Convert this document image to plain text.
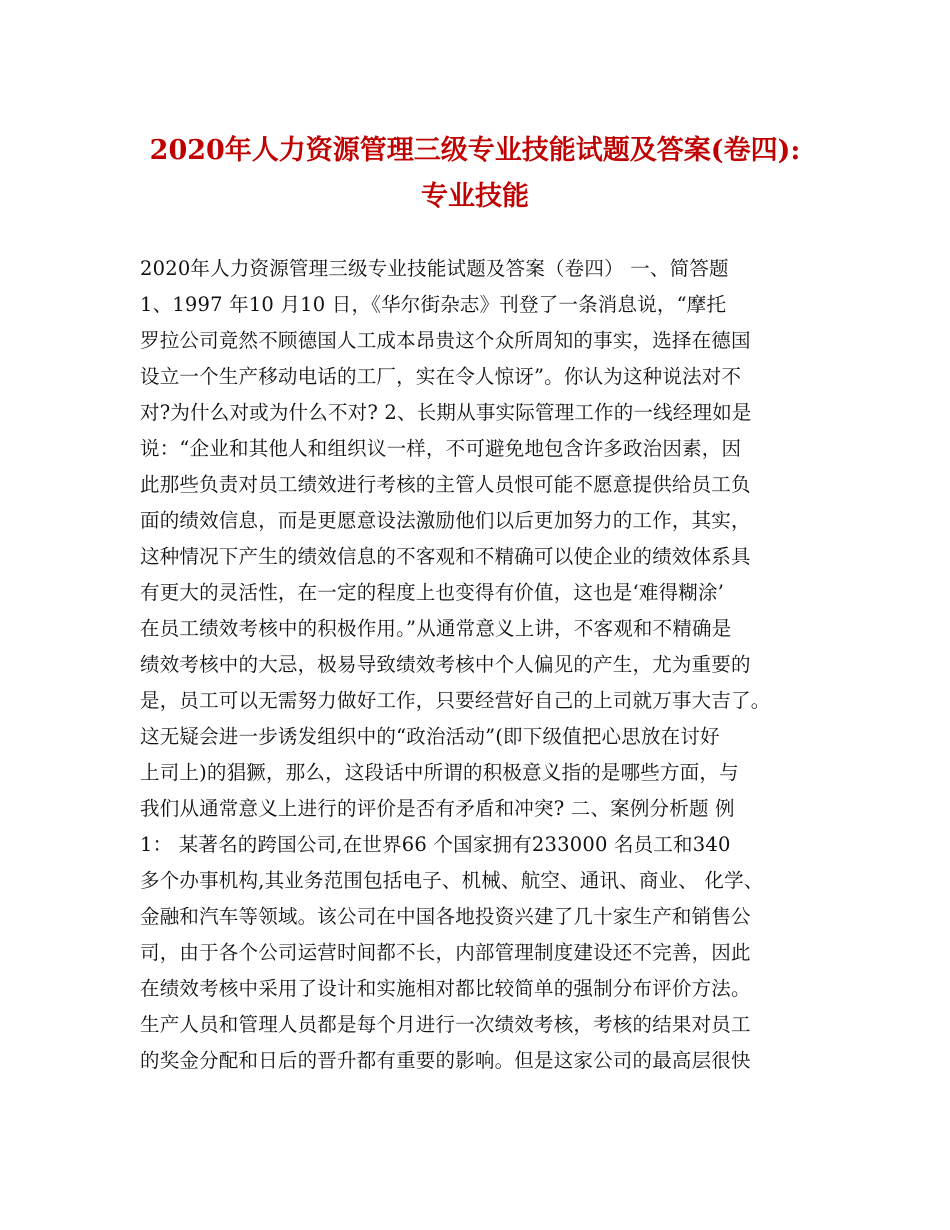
2020年人力资源管理三级专业技能试题及答案(卷四):
专业技能
2020年人力资源管理三级专业技能试题及答案（卷四） 一、简答题
1、1997 年10 月10 日，《华尔街杂志》刊登了一条消息说，“摩托
罗拉公司竟然不顾德国人工成本昂贵这个众所周知的事实，选择在德国
设立一个生产移动电话的工厂，实在令人惊讶”。你认为这种说法对不
对?为什么对或为什么不对? 2、长期从事实际管理工作的一线经理如是
说：“企业和其他人和组织议一样，不可避免地包含许多政治因素，因
此那些负责对员工绩效进行考核的主管人员恨可能不愿意提供给员工负
面的绩效信息，而是更愿意设法激励他们以后更加努力的工作，其实，
这种情况下产生的绩效信息的不客观和不精确可以使企业的绩效体系具
有更大的灵活性，在一定的程度上也变得有价值，这也是‘难得糊涂’
在员工绩效考核中的积极作用。”从通常意义上讲，不客观和不精确是
绩效考核中的大忌，极易导致绩效考核中个人偏见的产生，尤为重要的
是，员工可以无需努力做好工作，只要经营好自己的上司就万事大吉了。
这无疑会进一步诱发组织中的“政治活动”(即下级值把心思放在讨好
上司上)的猖獗，那么，这段话中所谓的积极意义指的是哪些方面，与
我们从通常意义上进行的评价是否有矛盾和冲突? 二、案例分析题 例
1： 某著名的跨国公司,在世界66 个国家拥有233000 名员工和340
多个办事机构,其业务范围包括电子、机械、航空、通讯、商业、 化学、
金融和汽车等领域。该公司在中国各地投资兴建了几十家生产和销售公
司，由于各个公司运营时间都不长，内部管理制度建设还不完善，因此
在绩效考核中采用了设计和实施相对都比较简单的强制分布评价方法。
生产人员和管理人员都是每个月进行一次绩效考核，考核的结果对员工
的奖金分配和日后的晋升都有重要的影响。但是这家公司的最高层很快
